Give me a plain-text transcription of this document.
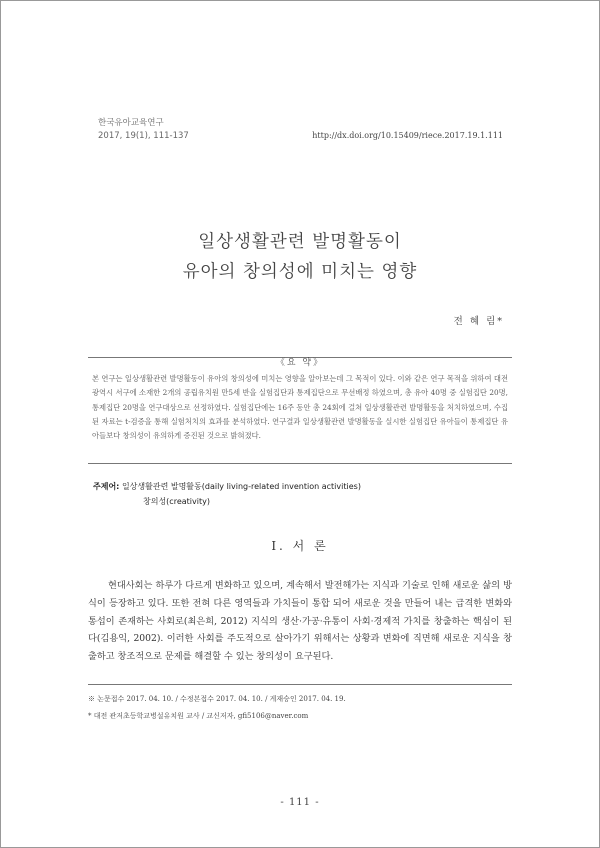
한국유아교육연구
2017, 19(1), 111-137	http://dx.doi.org/10.15409/riece.2017.19.1.111
일상생활관련 발명활동이
유아의 창의성에 미치는 영향
전 혜 림*
《요 약》
본 연구는 일상생활관련 발명활동이 유아의 창의성에 미치는 영향을 알아보는데 그 목적이 있다. 이와 같은 연구 목적을 위하여 대전광역시 서구에 소재한 2개의 공립유치원 만5세 반을 실험집단과 통제집단으로 무선배정 하였으며, 총 유아 40명 중 실험집단 20명, 통제집단 20명을 연구대상으로 선정하였다. 실험집단에는 16주 동안 총 24회에 걸쳐 일상생활관련 발명활동을 처치하였으며, 수집된 자료는 t-검증을 통해 실험처치의 효과를 분석하였다. 연구결과 일상생활관련 발명활동을 실시한 실험집단 유아들이 통제집단 유아들보다 창의성이 유의하게 증진된 것으로 밝혀졌다.
주제어: 일상생활관련 발명활동(daily living-related invention activities)
창의성(creativity)
Ⅰ. 서 론

현대사회는 하루가 다르게 변화하고 있으며, 계속해서 발전해가는 지식과 기술로 인해 새로운 삶의 방식이 등장하고 있다. 또한 전혀 다른 영역들과 가치들이 통합 되어 새로운 것을 만들어 내는 급격한 변화와 통섭이 존재하는 사회로(최은희, 2012) 지식의 생산·가공·유통이 사회·경제적 가치를 창출하는 핵심이 된다(김용익, 2002). 이러한 사회를 주도적으로 살아가기 위해서는 상황과 변화에 직면해 새로운 지식을 창출하고 창조적으로 문제를 해결할 수 있는 창의성이 요구된다.

※ 논문접수 2017. 04. 10. / 수정본접수 2017. 04. 10. / 게재승인 2017. 04. 19.
* 대전 관저초등학교병설유치원 교사 / 교신저자, gfi5106@naver.com
- 111 -
